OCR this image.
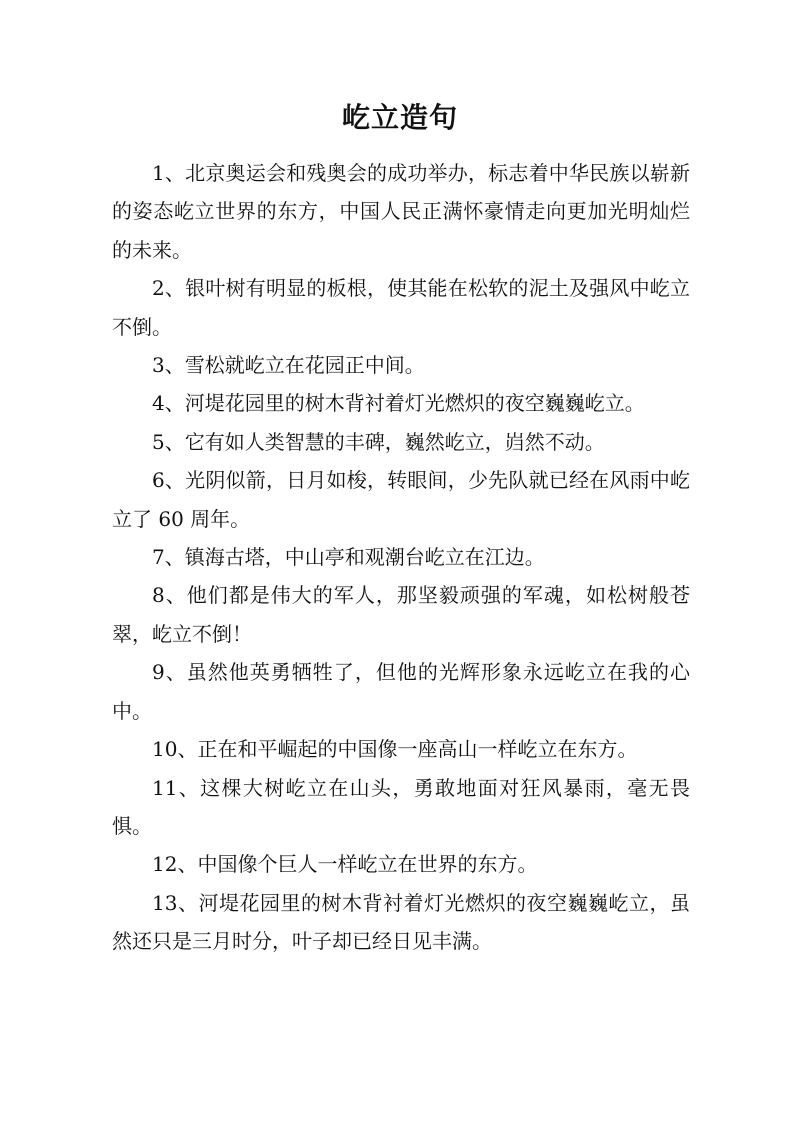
屹立造句

1、北京奥运会和残奥会的成功举办，标志着中华民族以崭新的姿态屹立世界的东方，中国人民正满怀豪情走向更加光明灿烂的未来。

2、银叶树有明显的板根，使其能在松软的泥土及强风中屹立不倒。

3、雪松就屹立在花园正中间。

4、河堤花园里的树木背衬着灯光燃炽的夜空巍巍屹立。

5、它有如人类智慧的丰碑，巍然屹立，岿然不动。

6、光阴似箭，日月如梭，转眼间，少先队就已经在风雨中屹立了 60 周年。

7、镇海古塔，中山亭和观潮台屹立在江边。

8、他们都是伟大的军人，那坚毅顽强的军魂，如松树般苍翠，屹立不倒！

9、虽然他英勇牺牲了，但他的光辉形象永远屹立在我的心中。

10、正在和平崛起的中国像一座高山一样屹立在东方。

11、这棵大树屹立在山头，勇敢地面对狂风暴雨，毫无畏惧。

12、中国像个巨人一样屹立在世界的东方。

13、河堤花园里的树木背衬着灯光燃炽的夜空巍巍屹立，虽然还只是三月时分，叶子却已经日见丰满。
